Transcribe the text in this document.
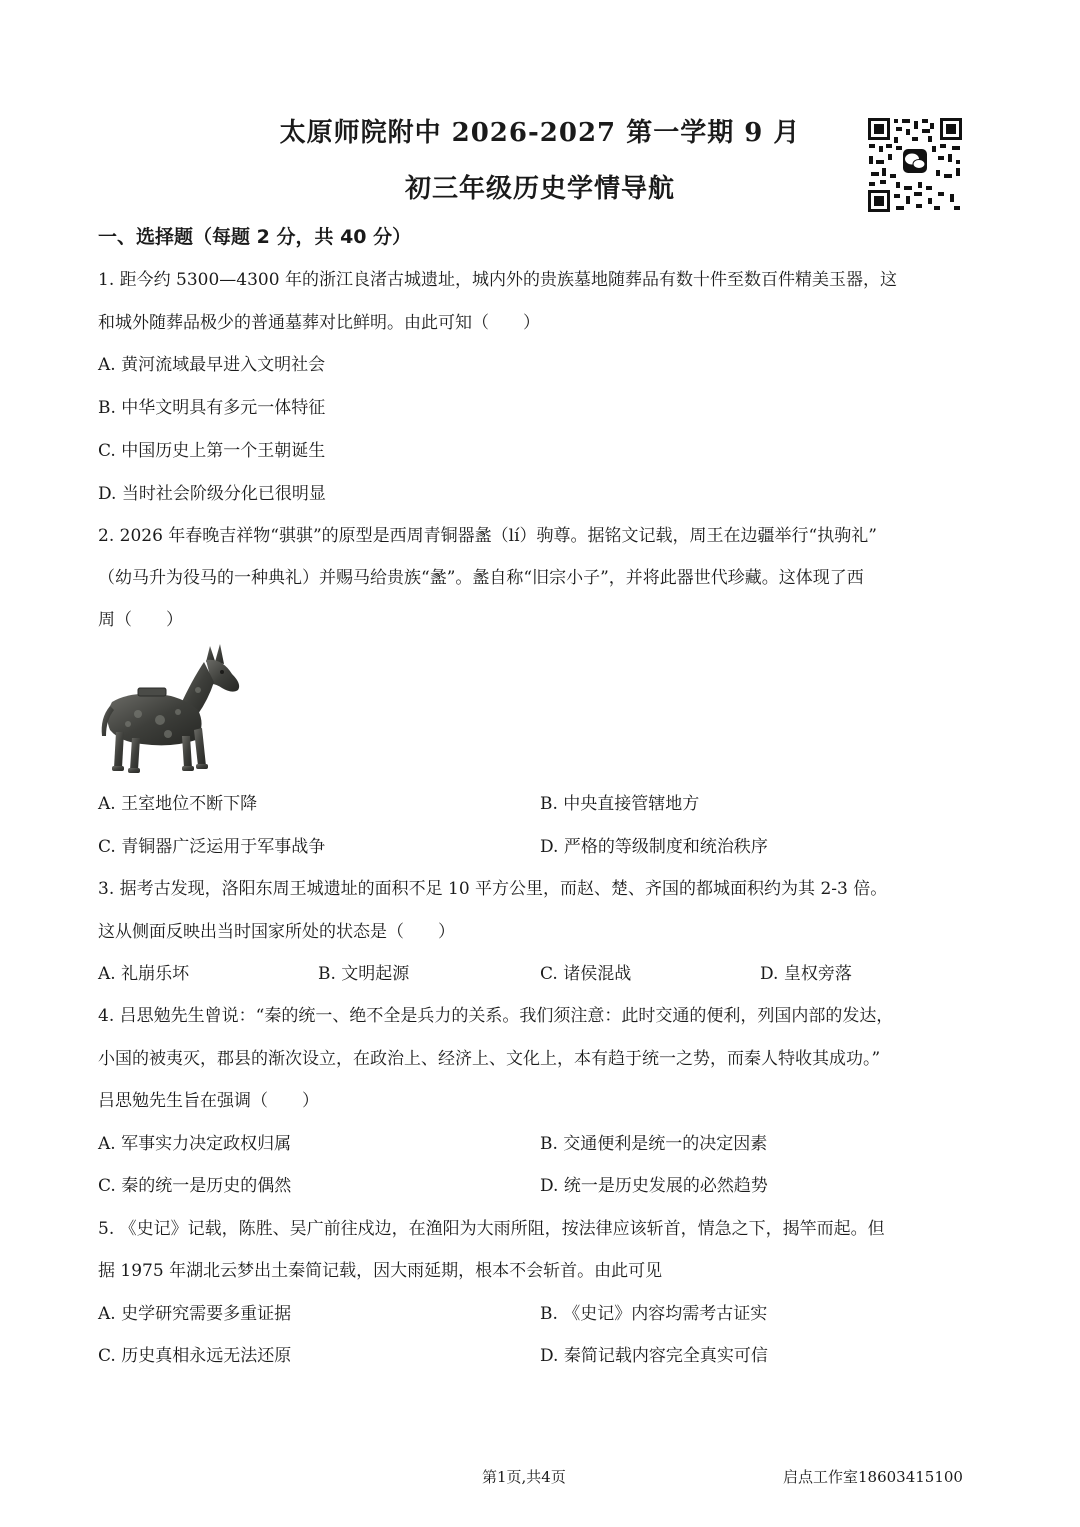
太原师院附中 2026-2027 第一学期 9 月
初三年级历史学情导航
一、选择题（每题 2 分，共 40 分）
1. 距今约 5300—4300 年的浙江良渚古城遗址，城内外的贵族墓地随葬品有数十件至数百件精美玉器，这
和城外随葬品极少的普通墓葬对比鲜明。由此可知（　　）
A. 黄河流域最早进入文明社会
B. 中华文明具有多元一体特征
C. 中国历史上第一个王朝诞生
D. 当时社会阶级分化已很明显
2. 2026 年春晚吉祥物“骐骐”的原型是西周青铜器盠（lí）驹尊。据铭文记载，周王在边疆举行“执驹礼”
（幼马升为役马的一种典礼）并赐马给贵族“盠”。盠自称“旧宗小子”，并将此器世代珍藏。这体现了西
周（　　）
A. 王室地位不断下降	B. 中央直接管辖地方
C. 青铜器广泛运用于军事战争	D. 严格的等级制度和统治秩序
3. 据考古发现，洛阳东周王城遗址的面积不足 10 平方公里，而赵、楚、齐国的都城面积约为其 2-3 倍。
这从侧面反映出当时国家所处的状态是（　　）
A. 礼崩乐坏	B. 文明起源	C. 诸侯混战	D. 皇权旁落
4. 吕思勉先生曾说：“秦的统一、绝不全是兵力的关系。我们须注意：此时交通的便利，列国内部的发达，
小国的被夷灭，郡县的渐次设立，在政治上、经济上、文化上，本有趋于统一之势，而秦人特收其成功。”
吕思勉先生旨在强调（　　）
A. 军事实力决定政权归属	B. 交通便利是统一的决定因素
C. 秦的统一是历史的偶然	D. 统一是历史发展的必然趋势
5. 《史记》记载，陈胜、吴广前往戍边，在渔阳为大雨所阻，按法律应该斩首，情急之下，揭竿而起。但
据 1975 年湖北云梦出土秦简记载，因大雨延期，根本不会斩首。由此可见
A. 史学研究需要多重证据	B. 《史记》内容均需考古证实
C. 历史真相永远无法还原	D. 秦简记载内容完全真实可信
第1页,共4页	启点工作室18603415100
